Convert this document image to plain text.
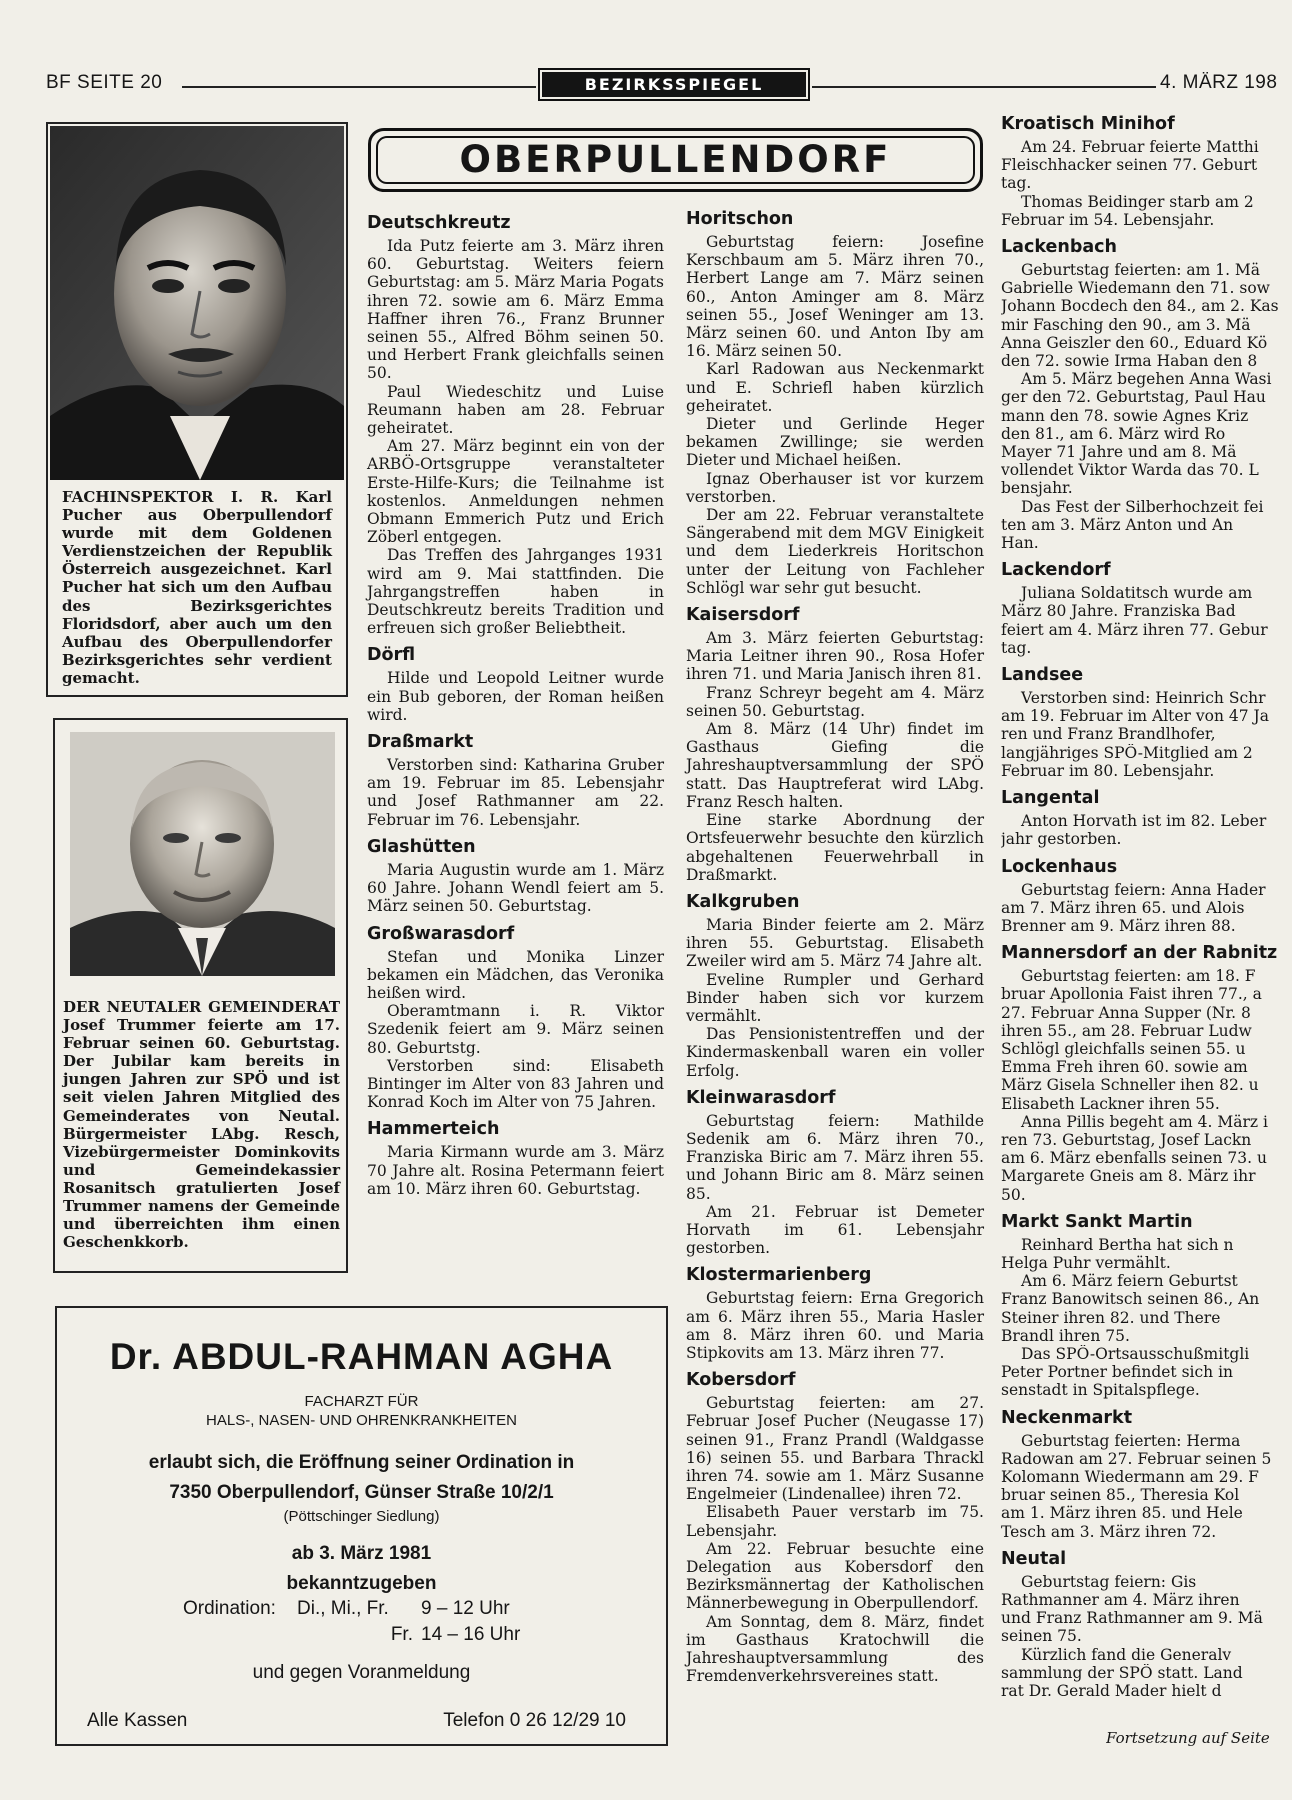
BF SEITE 20	BEZIRKSSPIEGEL	4. MÄRZ 198
FACHINSPEKTOR I. R. Karl Pucher aus Oberpullendorf wurde mit dem Goldenen Verdienstzeichen der Republik Österreich ausgezeichnet. Karl Pucher hat sich um den Aufbau des Bezirksgerichtes Floridsdorf, aber auch um den Aufbau des Oberpullendorfer Bezirksgerichtes sehr verdient gemacht.
DER NEUTALER GEMEINDERAT Josef Trummer feierte am 17. Februar seinen 60. Geburtstag. Der Jubilar kam bereits in jungen Jahren zur SPÖ und ist seit vielen Jahren Mitglied des Gemeinderates von Neutal. Bürgermeister LAbg. Resch, Vizebürgermeister Dominkovits und Gemeindekassier Rosanitsch gratulierten Josef Trummer namens der Gemeinde und überreichten ihm einen Geschenkkorb.
OBERPULLENDORF
Deutschkreutz

Ida Putz feierte am 3. März ihren 60. Geburtstag. Weiters feiern Geburtstag: am 5. März Maria Pogats ihren 72. sowie am 6. März Emma Haffner ihren 76., Franz Brunner seinen 55., Alfred Böhm seinen 50. und Herbert Frank gleichfalls seinen 50.

Paul Wiedeschitz und Luise Reumann haben am 28. Februar geheiratet.

Am 27. März beginnt ein von der ARBÖ-Ortsgruppe veranstalteter Erste-Hilfe-Kurs; die Teilnahme ist kostenlos. Anmeldungen nehmen Obmann Emmerich Putz und Erich Zöberl entgegen.

Das Treffen des Jahrganges 1931 wird am 9. Mai stattfinden. Die Jahrgangstreffen haben in Deutschkreutz bereits Tradition und erfreuen sich großer Beliebtheit.

Dörfl

Hilde und Leopold Leitner wurde ein Bub geboren, der Roman heißen wird.

Draßmarkt

Verstorben sind: Katharina Gruber am 19. Februar im 85. Lebensjahr und Josef Rathmanner am 22. Februar im 76. Lebensjahr.

Glashütten

Maria Augustin wurde am 1. März 60 Jahre. Johann Wendl feiert am 5. März seinen 50. Geburtstag.

Großwarasdorf

Stefan und Monika Linzer bekamen ein Mädchen, das Veronika heißen wird.

Oberamtmann i. R. Viktor Szedenik feiert am 9. März seinen 80. Geburtstg.

Verstorben sind: Elisabeth Bintinger im Alter von 83 Jahren und Konrad Koch im Alter von 75 Jahren.

Hammerteich

Maria Kirmann wurde am 3. März 70 Jahre alt. Rosina Petermann feiert am 10. März ihren 60. Geburtstag.

Horitschon

Geburtstag feiern: Josefine Kerschbaum am 5. März ihren 70., Herbert Lange am 7. März seinen 60., Anton Aminger am 8. März seinen 55., Josef Weninger am 13. März seinen 60. und Anton Iby am 16. März seinen 50.

Karl Radowan aus Neckenmarkt und E. Schriefl haben kürzlich geheiratet.

Dieter und Gerlinde Heger bekamen Zwillinge; sie werden Dieter und Michael heißen.

Ignaz Oberhauser ist vor kurzem verstorben.

Der am 22. Februar veranstaltete Sängerabend mit dem MGV Einigkeit und dem Liederkreis Horitschon unter der Leitung von Fachleher Schlögl war sehr gut besucht.

Kaisersdorf

Am 3. März feierten Geburtstag: Maria Leitner ihren 90., Rosa Hofer ihren 71. und Maria Janisch ihren 81.

Franz Schreyr begeht am 4. März seinen 50. Geburtstag.

Am 8. März (14 Uhr) findet im Gasthaus Giefing die Jahreshauptversammlung der SPÖ statt. Das Hauptreferat wird LAbg. Franz Resch halten.

Eine starke Abordnung der Ortsfeuerwehr besuchte den kürzlich abgehaltenen Feuerwehrball in Draßmarkt.

Kalkgruben

Maria Binder feierte am 2. März ihren 55. Geburtstag. Elisabeth Zweiler wird am 5. März 74 Jahre alt.

Eveline Rumpler und Gerhard Binder haben sich vor kurzem vermählt.

Das Pensionistentreffen und der Kindermaskenball waren ein voller Erfolg.

Kleinwarasdorf

Geburtstag feiern: Mathilde Sedenik am 6. März ihren 70., Franziska Biric am 7. März ihren 55. und Johann Biric am 8. März seinen 85.

Am 21. Februar ist Demeter Horvath im 61. Lebensjahr gestorben.

Klostermarienberg

Geburtstag feiern: Erna Gregorich am 6. März ihren 55., Maria Hasler am 8. März ihren 60. und Maria Stipkovits am 13. März ihren 77.

Kobersdorf

Geburtstag feierten: am 27. Februar Josef Pucher (Neugasse 17) seinen 91., Franz Prandl (Waldgasse 16) seinen 55. und Barbara Thrackl ihren 74. sowie am 1. März Susanne Engelmeier (Lindenallee) ihren 72.

Elisabeth Pauer verstarb im 75. Lebensjahr.

Am 22. Februar besuchte eine Delegation aus Kobersdorf den Bezirksmännertag der Katholischen Männerbewegung in Oberpullendorf.

Am Sonntag, dem 8. März, findet im Gasthaus Kratochwill die Jahreshauptversammlung des Fremdenverkehrsvereines statt.

Kroatisch Minihof

Am 24. Februar feierte Matthi

Fleischhacker seinen 77. Geburt

tag.

Thomas Beidinger starb am 2

Februar im 54. Lebensjahr.

Lackenbach

Geburtstag feierten: am 1. Mä

Gabrielle Wiedemann den 71. sow

Johann Bocdech den 84., am 2. Kas

mir Fasching den 90., am 3. Mä

Anna Geiszler den 60., Eduard Kö

den 72. sowie Irma Haban den 8

Am 5. März begehen Anna Wasi

ger den 72. Geburtstag, Paul Hau

mann den 78. sowie Agnes Kriz

den 81., am 6. März wird Ro

Mayer 71 Jahre und am 8. Mä

vollendet Viktor Warda das 70. L

bensjahr.

Das Fest der Silberhochzeit fei

ten am 3. März Anton und An

Han.

Lackendorf

Juliana Soldatitsch wurde am

März 80 Jahre. Franziska Bad

feiert am 4. März ihren 77. Gebur

tag.

Landsee

Verstorben sind: Heinrich Schr

am 19. Februar im Alter von 47 Ja

ren und Franz Brandlhofer,

langjähriges SPÖ-Mitglied am 2

Februar im 80. Lebensjahr.

Langental

Anton Horvath ist im 82. Leber

jahr gestorben.

Lockenhaus

Geburtstag feiern: Anna Hader

am 7. März ihren 65. und Alois

Brenner am 9. März ihren 88.

Mannersdorf an der Rabnitz

Geburtstag feierten: am 18. F

bruar Apollonia Faist ihren 77., a

27. Februar Anna Supper (Nr. 8

ihren 55., am 28. Februar Ludw

Schlögl gleichfalls seinen 55. u

Emma Freh ihren 60. sowie am

März Gisela Schneller ihen 82. u

Elisabeth Lackner ihren 55.

Anna Pillis begeht am 4. März i

ren 73. Geburtstag, Josef Lackn

am 6. März ebenfalls seinen 73. u

Margarete Gneis am 8. März ihr

50.

Markt Sankt Martin

Reinhard Bertha hat sich n

Helga Puhr vermählt.

Am 6. März feiern Geburtst

Franz Banowitsch seinen 86., An

Steiner ihren 82. und There

Brandl ihren 75.

Das SPÖ-Ortsausschußmitgli

Peter Portner befindet sich in

senstadt in Spitalspflege.

Neckenmarkt

Geburtstag feierten: Herma

Radowan am 27. Februar seinen 5

Kolomann Wiedermann am 29. F

bruar seinen 85., Theresia Kol

am 1. März ihren 85. und Hele

Tesch am 3. März ihren 72.

Neutal

Geburtstag feiern: Gis

Rathmanner am 4. März ihren

und Franz Rathmanner am 9. Mä

seinen 75.

Kürzlich fand die Generalv

sammlung der SPÖ statt. Land

rat Dr. Gerald Mader hielt d

Fortsetzung auf Seite
Dr. ABDUL-RAHMAN AGHA
FACHARZT FÜR
HALS-, NASEN- UND OHRENKRANKHEITEN
erlaubt sich, die Eröffnung seiner Ordination in
7350 Oberpullendorf, Günser Straße 10/2/1
(Pöttschinger Siedlung)
ab 3. März 1981
bekanntzugeben
Ordination: Di., Mi., Fr. 9 – 12 Uhr
Fr. 14 – 16 Uhr
und gegen Voranmeldung
Alle Kassen	Telefon 0 26 12/29 10
